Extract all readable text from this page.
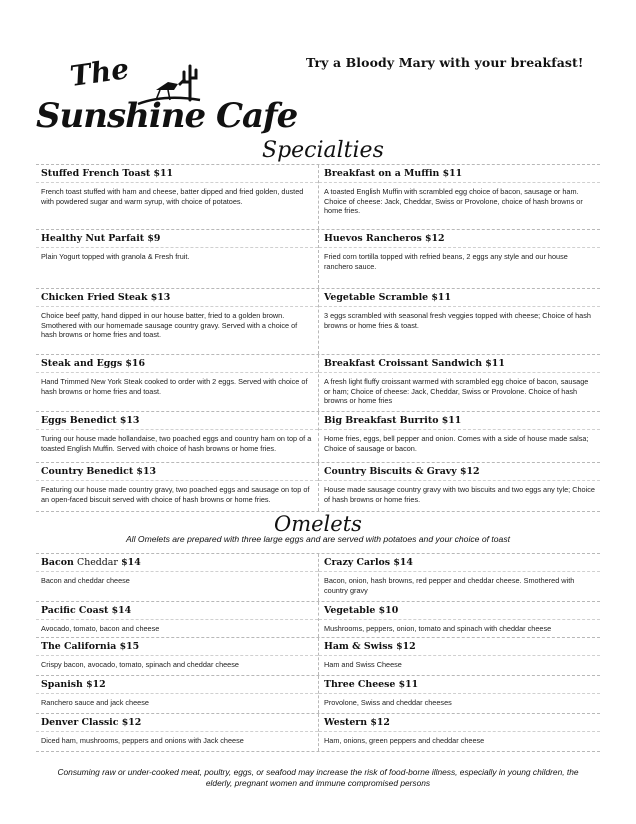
Try a Bloody Mary with your breakfast!
The
Sunshine Cafe
Specialties
Stuffed French Toast $11
French toast stuffed with ham and cheese, batter dipped and fried golden, dusted with powdered sugar and warm syrup, with choice of potatoes.
Breakfast on a Muffin $11
A toasted English Muffin with scrambled egg choice of bacon, sausage or ham. Choice of cheese: Jack, Cheddar, Swiss or Provolone, choice of hash browns or home fries.
Healthy Nut Parfait $9
Plain Yogurt topped with granola & Fresh fruit.
Huevos Rancheros $12
Fried corn tortilla topped with refried beans, 2 eggs any style and our house ranchero sauce.
Chicken Fried Steak $13
Choice beef patty, hand dipped in our house batter, fried to a golden brown. Smothered with our homemade sausage country gravy. Served with a choice of hash browns or home fries and toast.
Vegetable Scramble $11
3 eggs scrambled with seasonal fresh veggies topped with cheese; Choice of hash browns or home fries & toast.
Steak and Eggs $16
Hand Trimmed New York Steak cooked to order with 2 eggs. Served with choice of hash browns or home fries and toast.
Breakfast Croissant Sandwich $11
A fresh light fluffy croissant warmed with scrambled egg choice of bacon, sausage or ham; Choice of cheese: Jack, Cheddar, Swiss or Provolone. Choice of hash browns or home fries
Eggs Benedict $13
Turing our house made hollandaise, two poached eggs and country ham on top of a toasted English Muffin. Served with choice of hash browns or home fries.
Big Breakfast Burrito $11
Home fries, eggs, bell pepper and onion. Comes with a side of house made salsa; Choice of sausage or bacon.
Country Benedict $13
Featuring our house made country gravy, two poached eggs and sausage on top of an open-faced biscuit served with choice of hash browns or home fries.
Country Biscuits & Gravy $12
House made sausage country gravy with two biscuits and two eggs any tyle; Choice of hash browns or home fries.
Omelets
All Omelets are prepared with three large eggs and are served with potatoes and your choice of toast
Bacon Cheddar $14
Bacon and cheddar cheese
Crazy Carlos $14
Bacon, onion, hash browns, red pepper and cheddar cheese. Smothered with country gravy
Pacific Coast $14
Avocado, tomato, bacon and cheese
Vegetable $10
Mushrooms, peppers, onion, tomato and spinach with cheddar cheese
The California $15
Crispy bacon, avocado, tomato, spinach and cheddar cheese
Ham & Swiss $12
Ham and Swiss Cheese
Spanish $12
Ranchero sauce and jack cheese
Three Cheese $11
Provolone, Swiss and cheddar cheeses
Denver Classic $12
Diced ham, mushrooms, peppers and onions with Jack cheese
Western $12
Ham, onions, green peppers and cheddar cheese
Consuming raw or under-cooked meat, poultry, eggs, or seafood may increase the risk of food-borne illness, especially in young children, the elderly, pregnant women and immune compromised persons
